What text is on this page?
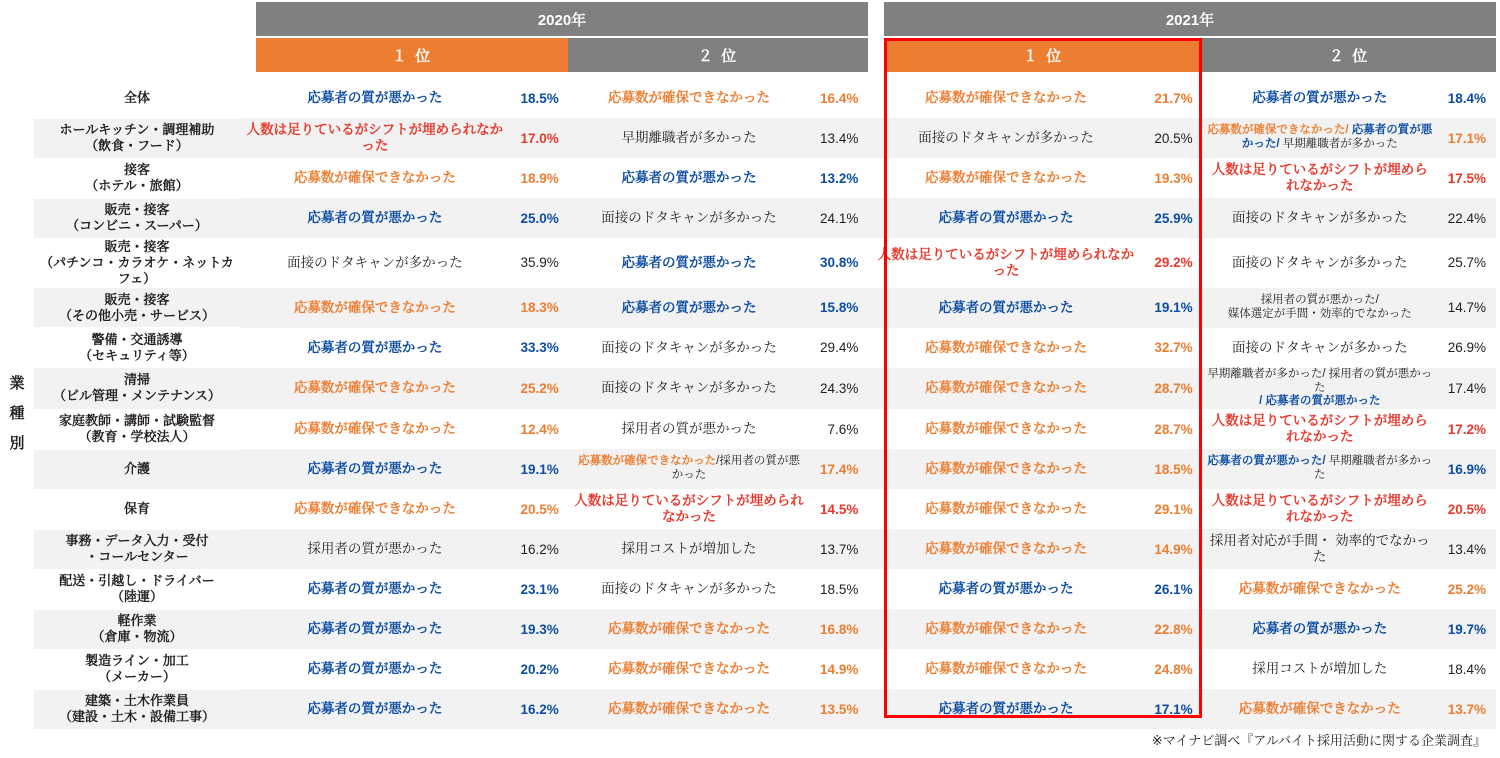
2020年	2021年
１ 位	２ 位	１ 位	２ 位
業
種
別
全体	応募者の質が悪かった	18.5%	応募数が確保できなかった	16.4%	応募数が確保できなかった	21.7%	応募者の質が悪かった	18.4%
ホールキッチン・調理補助
（飲食・フード）	人数は足りているがシフトが埋められなかった	17.0%	早期離職者が多かった	13.4%	面接のドタキャンが多かった	20.5%	応募数が確保できなかった/ 応募者の質が悪かった/ 早期離職者が多かった	17.1%
接客
（ホテル・旅館）	応募数が確保できなかった	18.9%	応募者の質が悪かった	13.2%	応募数が確保できなかった	19.3%	人数は足りているがシフトが埋められなかった	17.5%
販売・接客
（コンビニ・スーパー）	応募者の質が悪かった	25.0%	面接のドタキャンが多かった	24.1%	応募者の質が悪かった	25.9%	面接のドタキャンが多かった	22.4%
販売・接客
（パチンコ・カラオケ・ネットカフェ）	面接のドタキャンが多かった	35.9%	応募者の質が悪かった	30.8%	人数は足りているがシフトが埋められなかった	29.2%	面接のドタキャンが多かった	25.7%
販売・接客
（その他小売・サービス）	応募数が確保できなかった	18.3%	応募者の質が悪かった	15.8%	応募者の質が悪かった	19.1%	採用者の質が悪かった/
媒体選定が手間・効率的でなかった	14.7%
警備・交通誘導
（セキュリティ等）	応募者の質が悪かった	33.3%	面接のドタキャンが多かった	29.4%	応募数が確保できなかった	32.7%	面接のドタキャンが多かった	26.9%
清掃
（ビル管理・メンテナンス）	応募数が確保できなかった	25.2%	面接のドタキャンが多かった	24.3%	応募数が確保できなかった	28.7%	早期離職者が多かった/ 採用者の質が悪かった
/ 応募者の質が悪かった	17.4%
家庭教師・講師・試験監督
（教育・学校法人）	応募数が確保できなかった	12.4%	採用者の質が悪かった	7.6%	応募数が確保できなかった	28.7%	人数は足りているがシフトが埋められなかった	17.2%
介護	応募者の質が悪かった	19.1%	応募数が確保できなかった/採用者の質が悪
かった	17.4%	応募数が確保できなかった	18.5%	応募者の質が悪かった/ 早期離職者が多かった	16.9%
保育	応募数が確保できなかった	20.5%	人数は足りているがシフトが埋められなかった	14.5%	応募数が確保できなかった	29.1%	人数は足りているがシフトが埋められなかった	20.5%
事務・データ入力・受付
・コールセンター	採用者の質が悪かった	16.2%	採用コストが増加した	13.7%	応募数が確保できなかった	14.9%	採用者対応が手間・ 効率的でなかった	13.4%
配送・引越し・ドライバー
（陸運）	応募者の質が悪かった	23.1%	面接のドタキャンが多かった	18.5%	応募者の質が悪かった	26.1%	応募数が確保できなかった	25.2%
軽作業
（倉庫・物流）	応募者の質が悪かった	19.3%	応募数が確保できなかった	16.8%	応募数が確保できなかった	22.8%	応募者の質が悪かった	19.7%
製造ライン・加工
（メーカー）	応募者の質が悪かった	20.2%	応募数が確保できなかった	14.9%	応募数が確保できなかった	24.8%	採用コストが増加した	18.4%
建築・土木作業員
（建設・土木・設備工事）	応募者の質が悪かった	16.2%	応募数が確保できなかった	13.5%	応募者の質が悪かった	17.1%	応募数が確保できなかった	13.7%
※マイナビ調べ『アルバイト採用活動に関する企業調査』
